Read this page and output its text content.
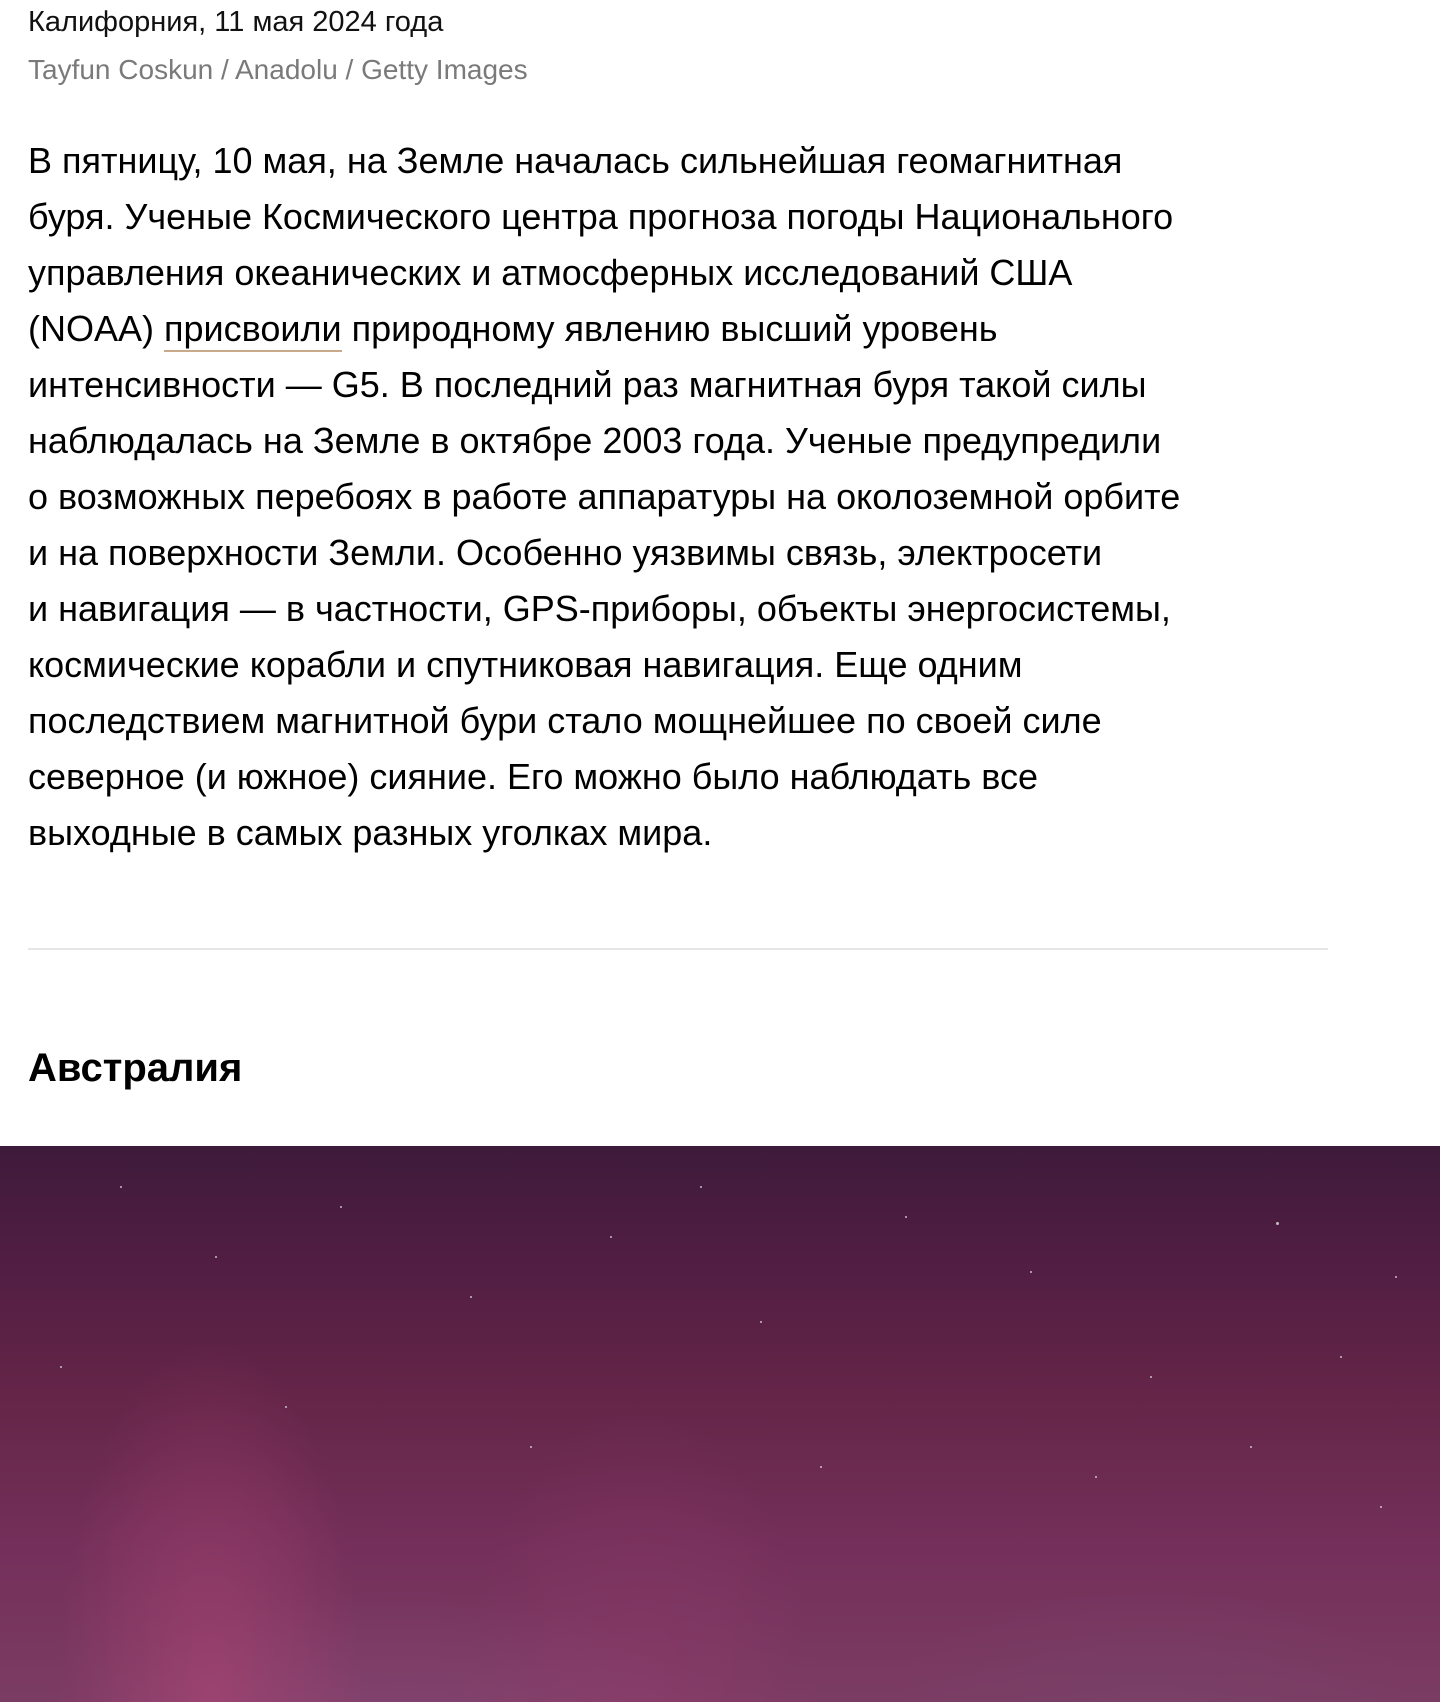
Калифорния, 11 мая 2024 года
Tayfun Coskun / Anadolu / Getty Images

В пятницу, 10 мая, на Земле началась сильнейшая геомагнитная
буря. Ученые Космического центра прогноза погоды Национального
управления океанических и атмосферных исследований США
(NOAA) присвоили природному явлению высший уровень
интенсивности — G5. В последний раз магнитная буря такой силы
наблюдалась на Земле в октябре 2003 года. Ученые предупредили
о возможных перебоях в работе аппаратуры на околоземной орбите
и на поверхности Земли. Особенно уязвимы связь, электросети
и навигация — в частности, GPS-приборы, объекты энергосистемы,
космические корабли и спутниковая навигация. Еще одним
последствием магнитной бури стало мощнейшее по своей силе
северное (и южное) сияние. Его можно было наблюдать все
выходные в самых разных уголках мира.

Австралия
